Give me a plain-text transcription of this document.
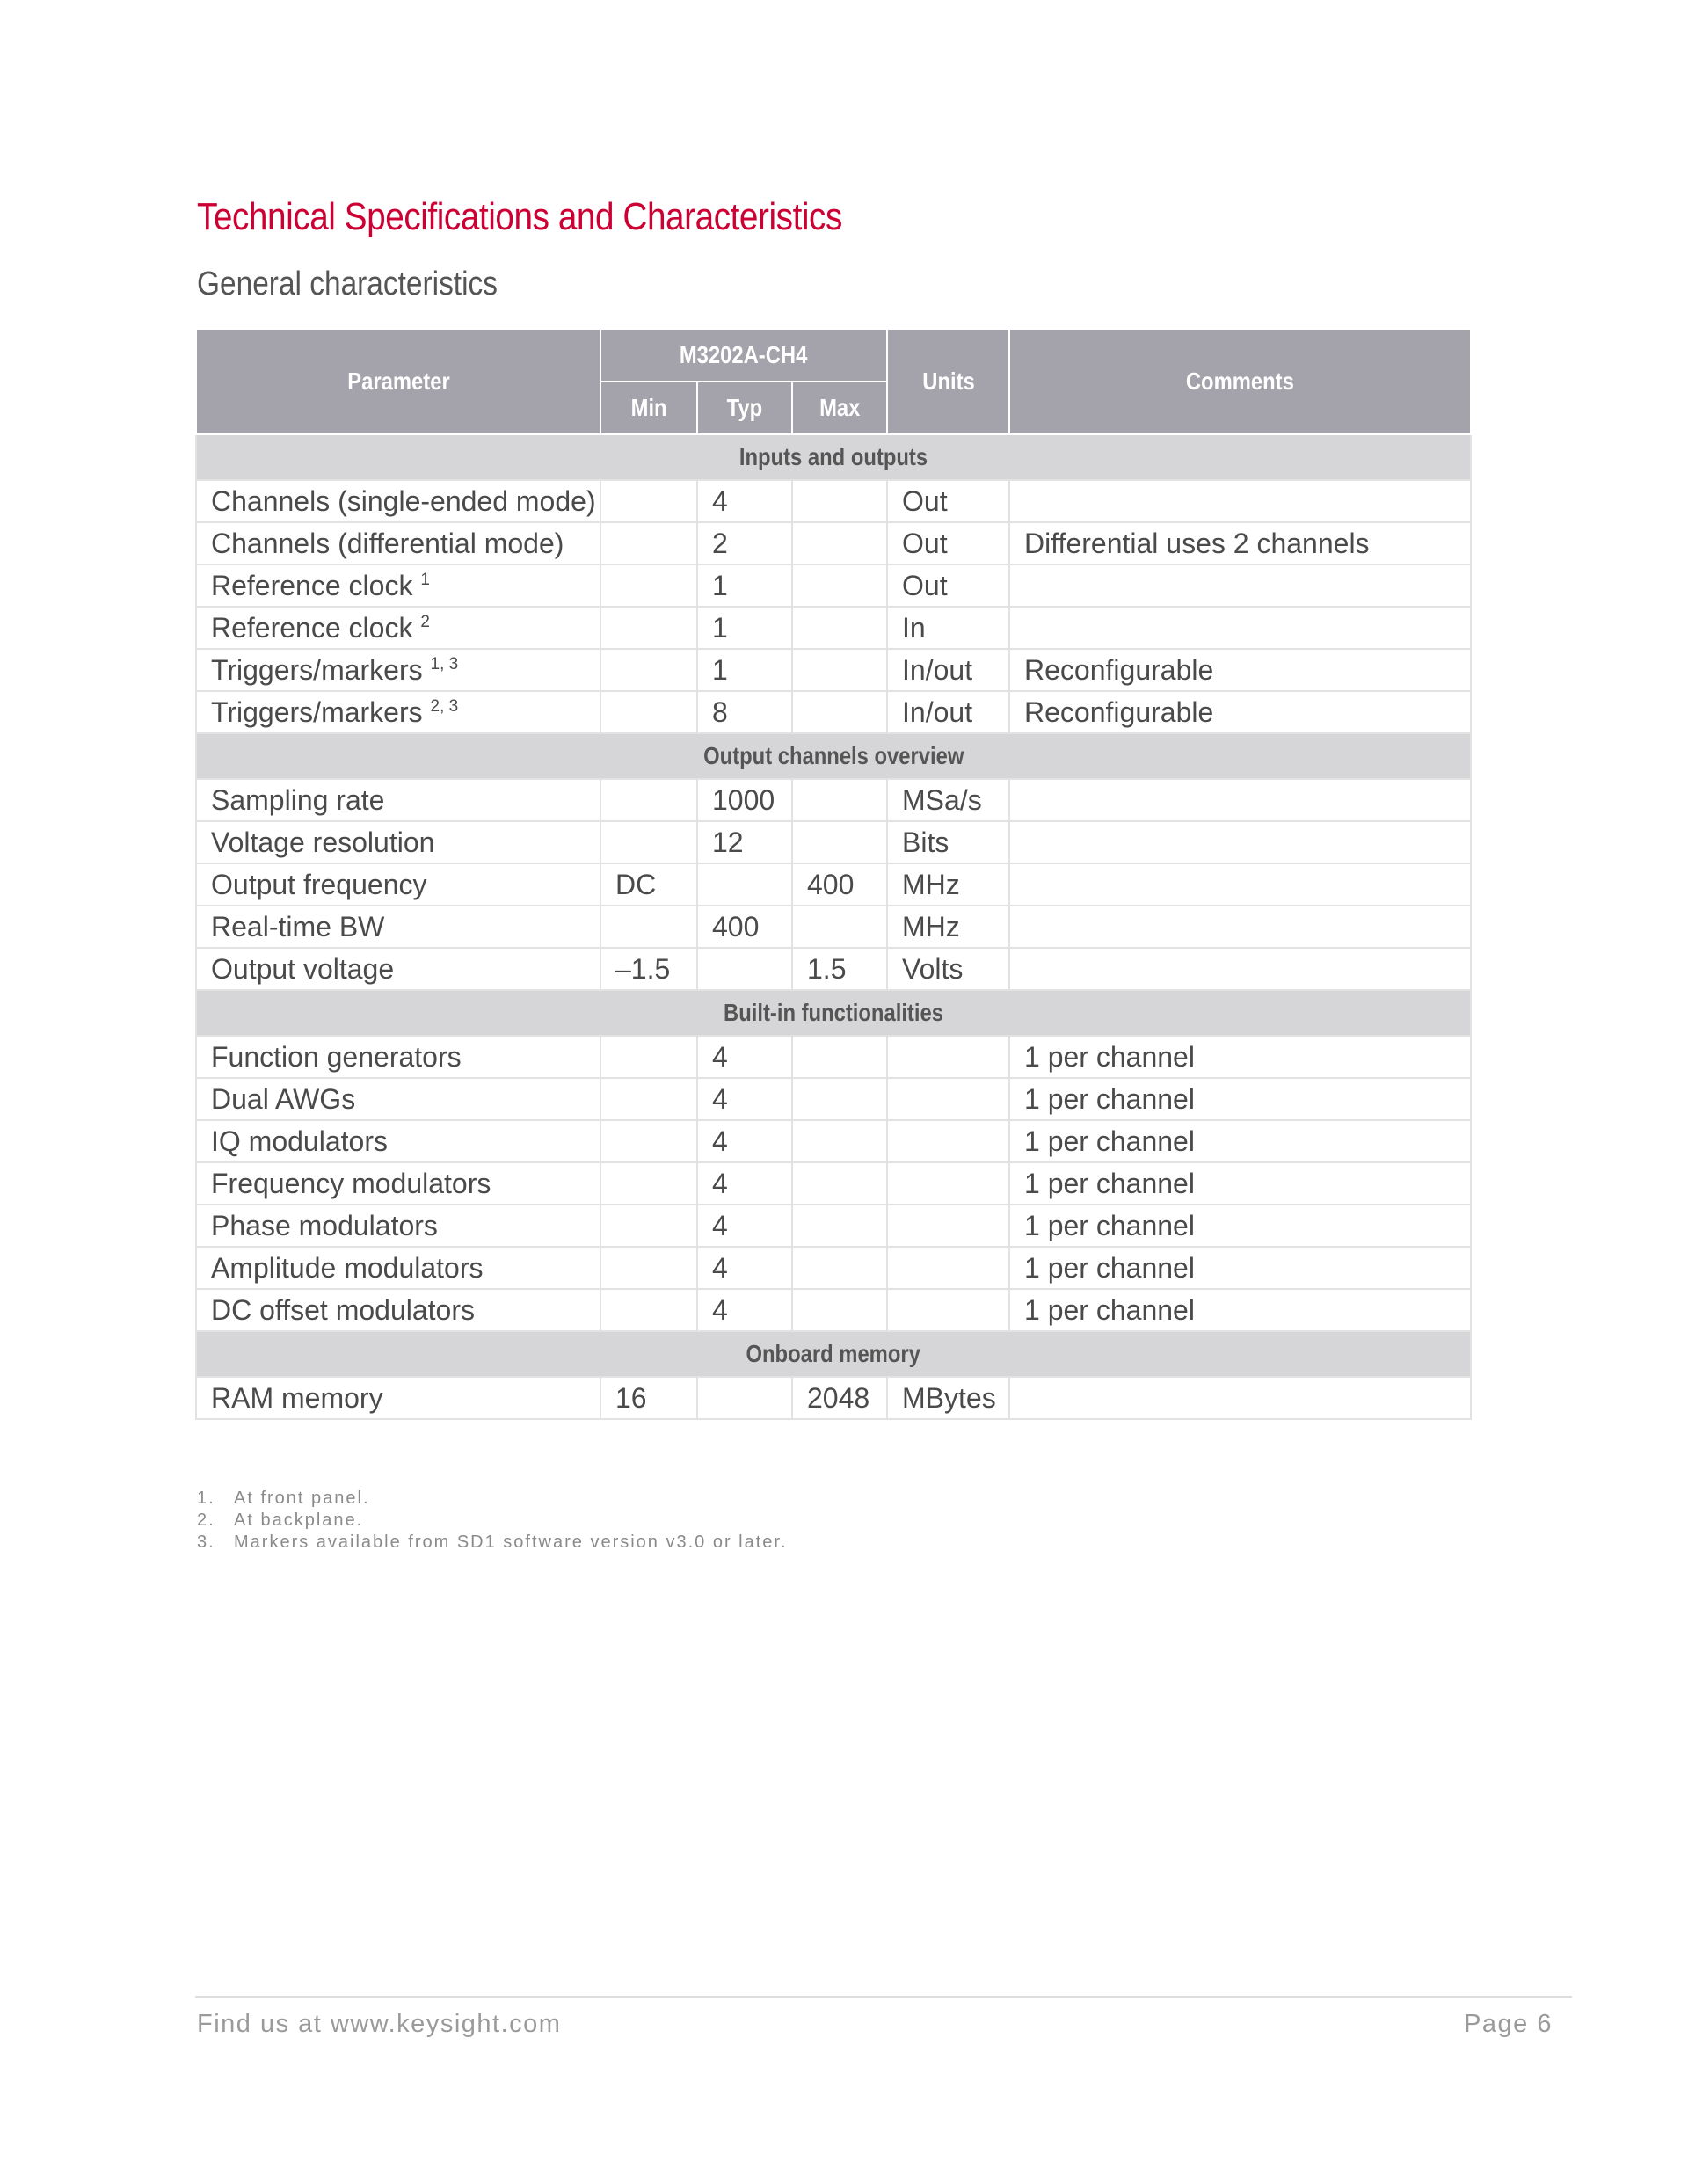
Technical Specifications and Characteristics
General characteristics
Parameter	M3202A-CH4			Units	Comments
	Min	Typ	Max		
Inputs and outputs					
Channels (single-ended mode)		4		Out	
Channels (differential mode)		2		Out	Differential uses 2 channels
Reference clock $^1$		1		Out	
Reference clock $^2$		1		In	
Triggers/markers $^{1, 3}$		1		In/out	Reconfigurable
Triggers/markers $^{2, 3}$		8		In/out	Reconfigurable
Output channels overview					
Sampling rate		1000		MSa/s	
Voltage resolution		12		Bits	
Output frequency	DC		400	MHz	
Real-time BW		400		MHz	
Output voltage	–1.5		1.5	Volts	
Built-in functionalities					
Function generators		4			1 per channel
Dual AWGs		4			1 per channel
IQ modulators		4			1 per channel
Frequency modulators		4			1 per channel
Phase modulators		4			1 per channel
Amplitude modulators		4			1 per channel
DC offset modulators		4			1 per channel
Onboard memory					
RAM memory	16		2048	MBytes	
1. At front panel.
2. At backplane.
3. Markers available from SD1 software version v3.0 or later.
Find us at www.keysight.com	Page 6
